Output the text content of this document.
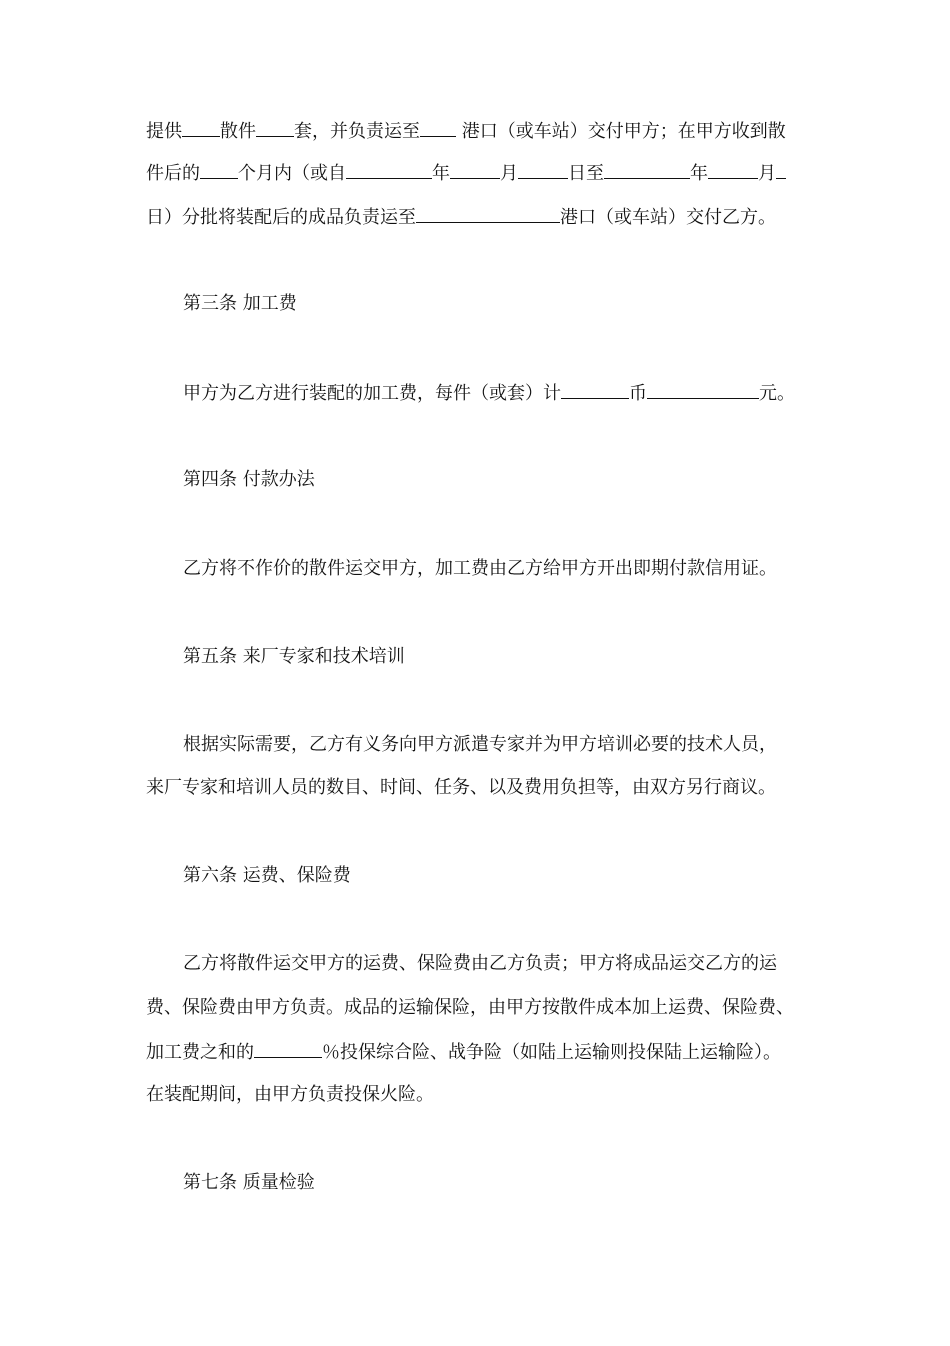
提供 散件 套，并负责运至 港口（或车站）交付甲方；在甲方收到散
件后的 个月内（或自	年	月	日至	年	月
日）分批将装配后的成品负责运至	港口（或车站）交付乙方。
第三条 加工费
甲方为乙方进行装配的加工费，每件（或套）计	币	元。
第四条 付款办法
乙方将不作价的散件运交甲方，加工费由乙方给甲方开出即期付款信用证。
第五条 来厂专家和技术培训
根据实际需要，乙方有义务向甲方派遣专家并为甲方培训必要的技术人员，
来厂专家和培训人员的数目、时间、任务、以及费用负担等，由双方另行商议。
第六条 运费、保险费
乙方将散件运交甲方的运费、保险费由乙方负责；甲方将成品运交乙方的运
费、保险费由甲方负责。成品的运输保险，由甲方按散件成本加上运费、保险费、
加工费之和的	％投保综合险、战争险（如陆上运输则投保陆上运输险）。
在装配期间，由甲方负责投保火险。
第七条 质量检验
